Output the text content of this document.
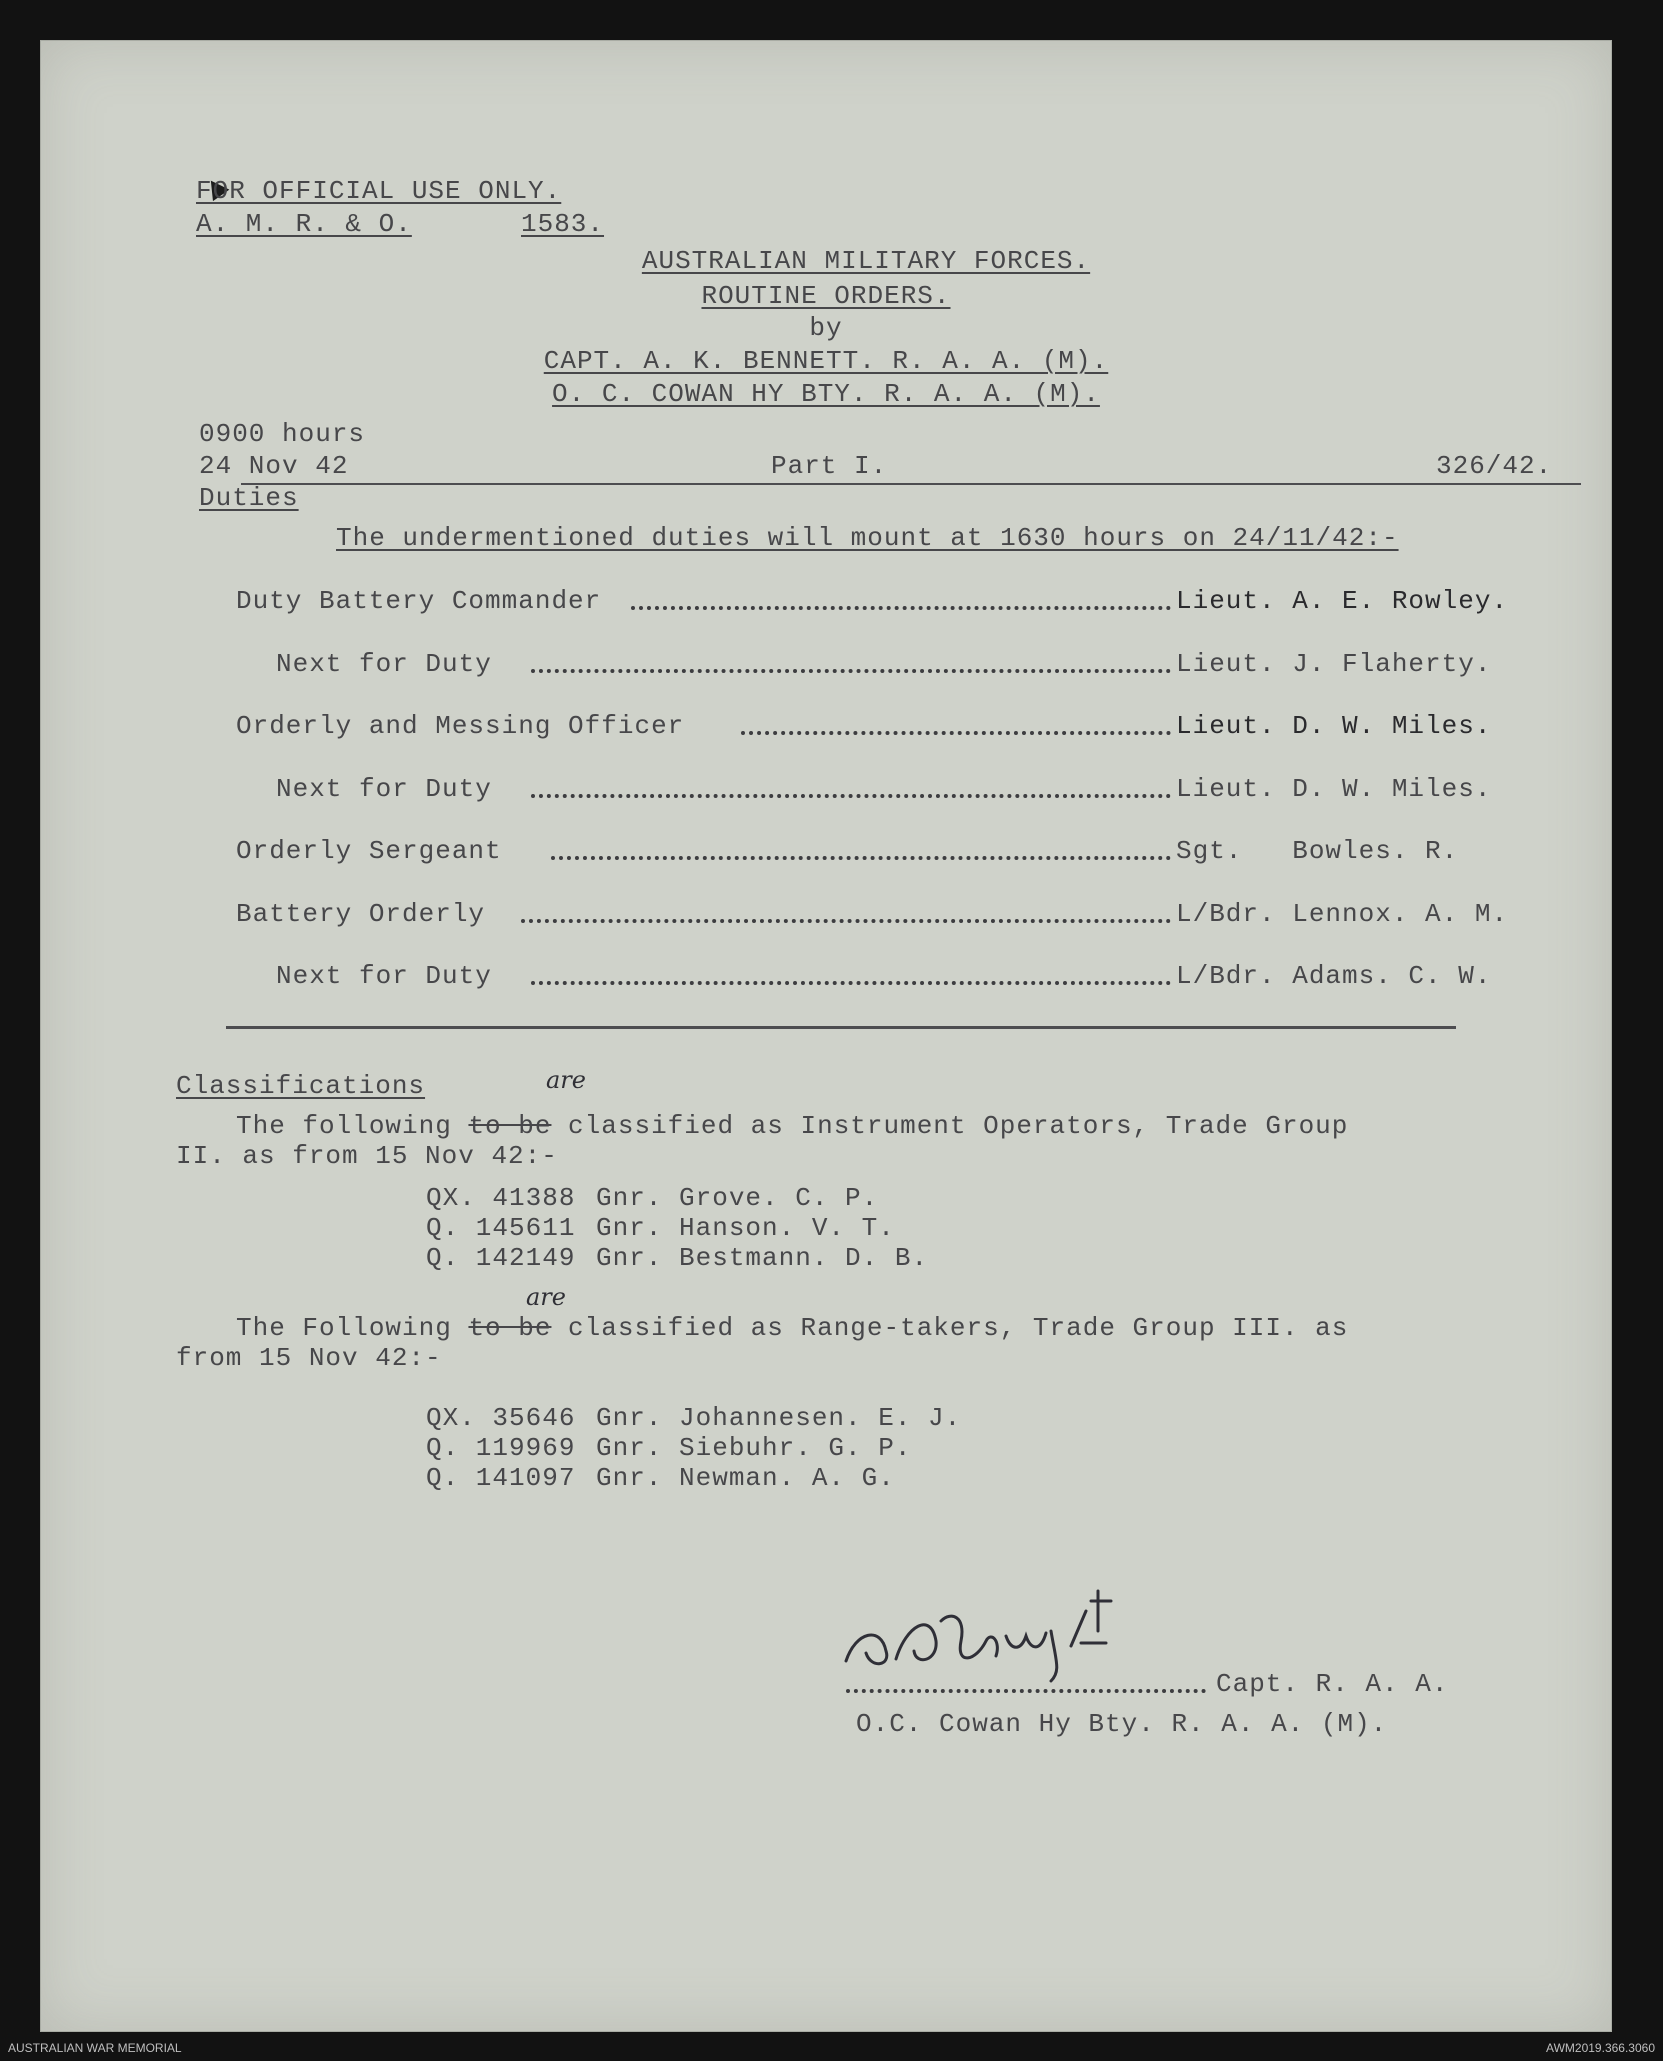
FOR OFFICIAL USE ONLY.
A. M. R. & O.	1583.
AUSTRALIAN MILITARY FORCES.
ROUTINE ORDERS.
by
CAPT. A. K. BENNETT. R. A. A. (M).
O. C. COWAN HY BTY. R. A. A. (M).
0900 hours
24 Nov 42	Part I.	326/42.
Duties
The undermentioned duties will mount at 1630 hours on 24/11/42:-
Duty Battery Commander	Lieut. A. E. Rowley.
Next for Duty	Lieut. J. Flaherty.
Orderly and Messing Officer	Lieut. D. W. Miles.
Next for Duty	Lieut. D. W. Miles.
Orderly Sergeant	Sgt.   Bowles. R.
Battery Orderly	L/Bdr. Lennox. A. M.
Next for Duty	L/Bdr. Adams. C. W.
Classifications	are
The following to be classified as Instrument Operators, Trade Group
II. as from 15 Nov 42:-
QX. 41388 Gnr. Grove. C. P.
Q. 145611 Gnr. Hanson. V. T.
Q. 142149 Gnr. Bestmann. D. B.
are
The Following to be classified as Range-takers, Trade Group III. as
from 15 Nov 42:-
QX. 35646 Gnr. Johannesen. E. J.
Q. 119969 Gnr. Siebuhr. G. P.
Q. 141097 Gnr. Newman. A. G.
Capt. R. A. A.
O.C. Cowan Hy Bty. R. A. A. (M).
AUSTRALIAN WAR MEMORIAL	AWM2019.366.3060
